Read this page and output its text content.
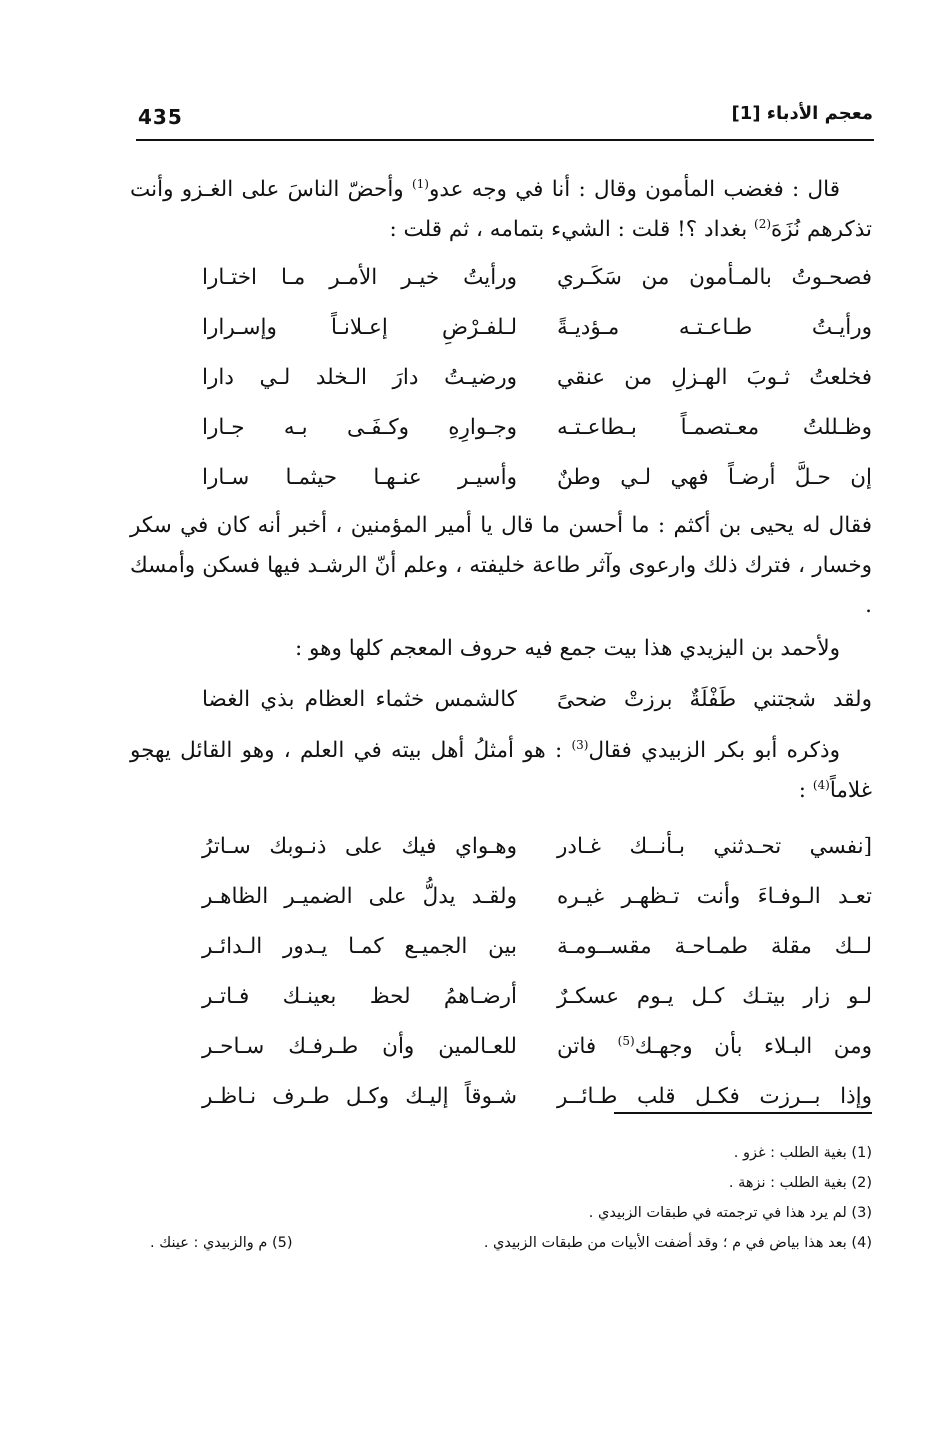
435	معجم الأدباء [1]

قال : فغضب المأمون وقال : أنا في وجه عدو$^{(1)}$ وأحضّ الناسَ على الغـزو وأنت تذكرهم نُزَهَ$^{(2)}$ بغداد ؟! قلت : الشيء بتمامه ، ثم قلت :

فصحـوتُ بالمـأمون من سَكَـري
ورأيتُ خيـر الأمـر مـا اختـارا
ورأيـتُ طـاعـتـه مـؤديـةً
لـلفـرْضِ إعـلانـاً وإسـرارا
فخلعتُ ثـوبَ الهـزلِ من عنقي
ورضيـتُ دارَ الـخلد لـي دارا
وظـللتُ معـتصمـاً بـطاعـتـه
وجـوارِهِ وكـفَـى بـه جـارا
إن حـلَّ أرضـاً فهي لـي وطنٌ
وأسيـر عنـهـا حيثمـا سـارا

فقال له يحيى بن أكثم : ما أحسن ما قال يا أمير المؤمنين ، أخبر أنه كان في سكر وخسار ، فترك ذلك وارعوى وآثر طاعة خليفته ، وعلم أنّ الرشـد فيها فسكن وأمسك .

ولأحمد بن اليزيدي هذا بيت جمع فيه حروف المعجم كلها وهو :

ولقد شجتني طَفْلَةٌ برزتْ ضحىً
كالشمس خثماء العظام بذي الغضا

وذكره أبو بكر الزبيدي فقال$^{(3)}$ : هو أمثلُ أهل بيته في العلم ، وهو القائل يهجو غلاماً$^{(4)}$ :

[نفسي تحـدثني بـأنــك غـادر
وهـواي فيك على ذنـوبك سـاترُ
تعـد الـوفـاءَ وأنت تـظهـر غيـره
ولقـد يدلُّ على الضميـر الظاهـر
لــك مقلة طمـاحـة مقســومـة
بين الجميـع كمـا يـدور الـدائـر
لـو زار بيتـك كـل يـوم عسكـرٌ
أرضـاهمُ لحظ بعينـك فـاتـر
ومن البـلاء بأن وجهـك$^{(5)}$ فاتن
للعـالمين وأن طـرفـك سـاحـر
وإذا بــرزت فكـل قلب طـائــر
شـوقاً إليـك وكـل طـرف نـاظـر
(1) بغية الطلب : غزو .
(2) بغية الطلب : نزهة .
(3) لم يرد هذا في ترجمته في طبقات الزبيدي .
(4) بعد هذا بياض في م ؛ وقد أضفت الأبيات من طبقات الزبيدي .
(5) م والزبيدي : عينك .
